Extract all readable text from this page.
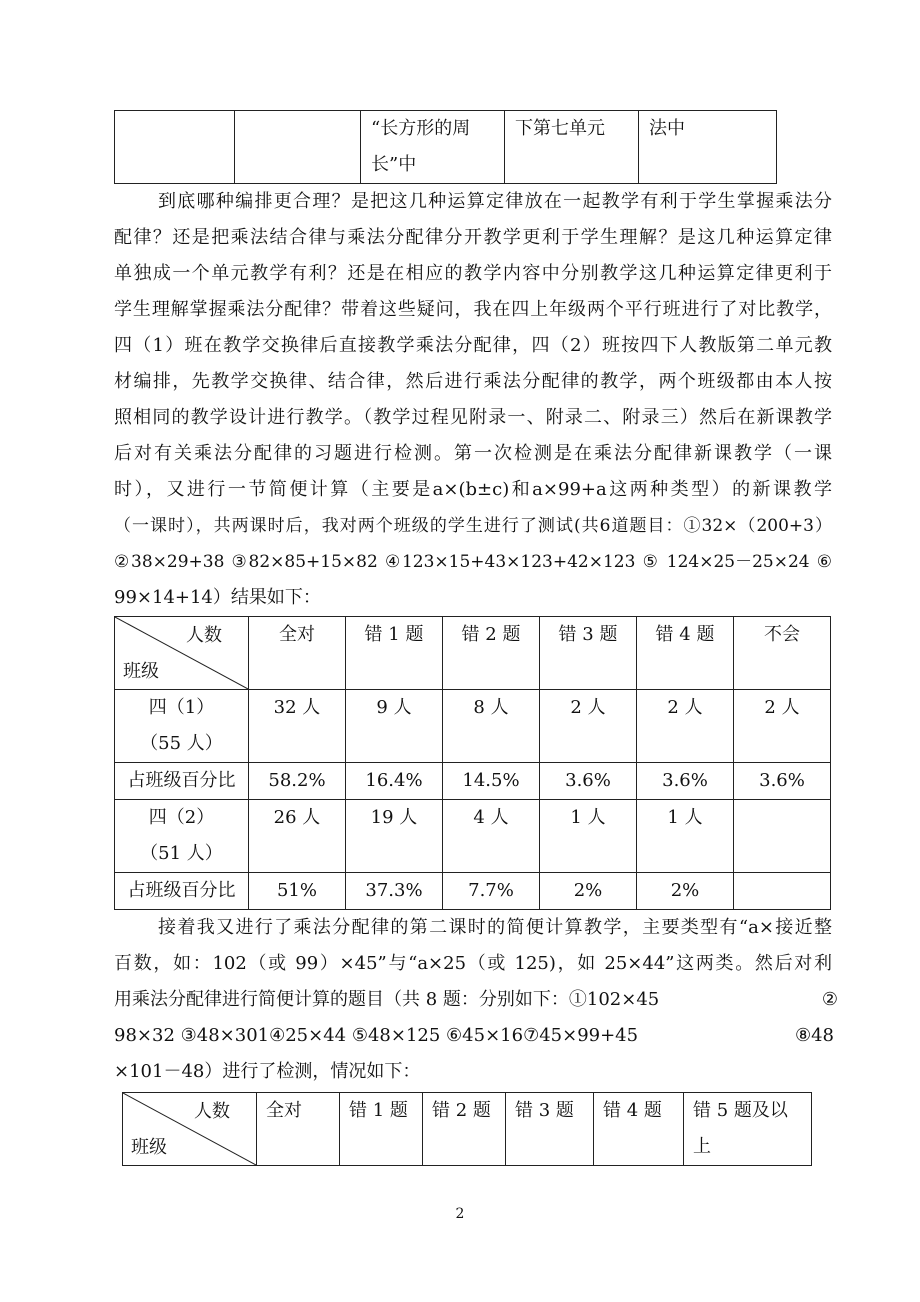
		“长方形的周长”中	下第七单元	法中
到底哪种编排更合理？是把这几种运算定律放在一起教学有利于学生掌握乘法分
配律？还是把乘法结合律与乘法分配律分开教学更利于学生理解？是这几种运算定律
单独成一个单元教学有利？还是在相应的教学内容中分别教学这几种运算定律更利于
学生理解掌握乘法分配律？带着这些疑问，我在四上年级两个平行班进行了对比教学，
四（1）班在教学交换律后直接教学乘法分配律，四（2）班按四下人教版第二单元教
材编排，先教学交换律、结合律，然后进行乘法分配律的教学，两个班级都由本人按
照相同的教学设计进行教学。（教学过程见附录一、附录二、附录三）然后在新课教学
后对有关乘法分配律的习题进行检测。第一次检测是在乘法分配律新课教学（一课
时），又进行一节简便计算（主要是a×(b±c)和a×99+a这两种类型）的新课教学
（一课时），共两课时后，我对两个班级的学生进行了测试(共6道题目：①32×（200+3）
②38×29+38 ③82×85+15×82 ④123×15+43×123+42×123 ⑤ 124×25－25×24 ⑥
99×14+14）结果如下：
人数
班级	全对	错 1 题	错 2 题	错 3 题	错 4 题	不会
四（1）
（55 人）	32 人	9 人	8 人	2 人	2 人	2 人
占班级百分比	58.2%	16.4%	14.5%	3.6%	3.6%	3.6%
四（2）
（51 人）	26 人	19 人	4 人	1 人	1 人	
占班级百分比	51%	37.3%	7.7%	2%	2%	
接着我又进行了乘法分配律的第二课时的简便计算教学，主要类型有“a×接近整
百数，如：102（或 99）×45”与“a×25（或 125)，如 25×44”这两类。然后对利
用乘法分配律进行简便计算的题目（共 8 题：分别如下：①102×45	②
98×32 ③48×301④25×44 ⑤48×125 ⑥45×16⑦45×99+45	⑧48
×101－48）进行了检测，情况如下：
人数
班级
	全对	错 1 题	错 2 题	错 3 题	错 4 题	错 5 题及以上
2
